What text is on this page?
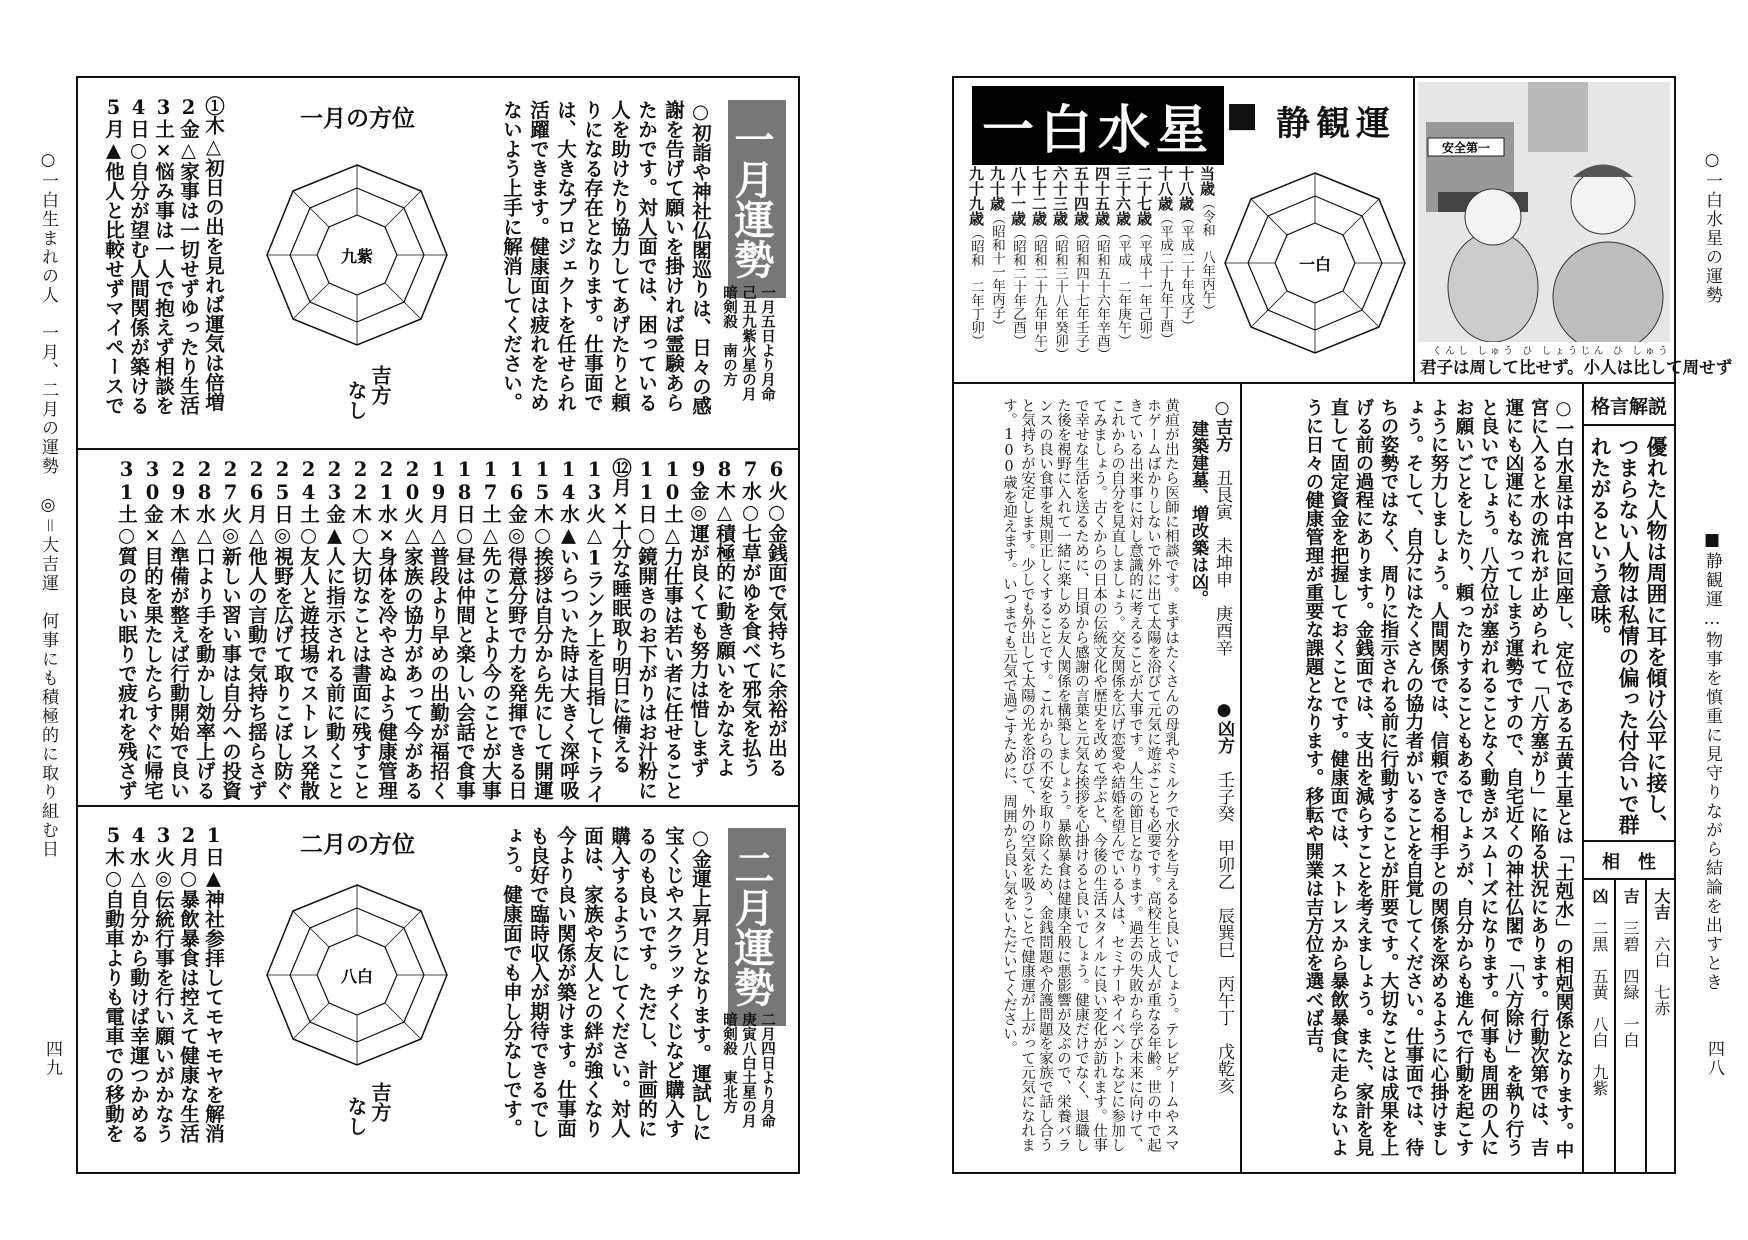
○一白生まれの人　一月、二月の運勢　◎＝大吉運　何事にも積極的に取り組む日
四九
一月運勢
一月五日より月命
己丑九紫火星の月
暗剣殺　南の方
○初詣や神社仏閣巡りは、日々の感謝を告げて願いを掛ければ霊験あらたかです。対人面では、困っている人を助けたり協力してあげたりと頼りになる存在となります。仕事面では、大きなプロジェクトを任せられ活躍できます。健康面は疲れをためないよう上手に解消してください。
一月の方位
九紫
吉方
なし
①木△初日の出を見れば運気は倍増
2金△家事は一切せずゆったり生活
3土×悩み事は一人で抱えず相談を
4日○自分が望む人間関係が築ける
5月▲他人と比較せずマイペースで
6火○金銭面で気持ちに余裕が出る
7水○七草がゆを食べて邪気を払う
8木△積極的に動き願いをかなえよ
9金◎運が良くても努力は惜しまず
10土△力仕事は若い者に任せること
11日○鏡開きのお下がりはお汁粉に
⑫月×十分な睡眠取り明日に備える
13火△1ランク上を目指してトライ
14水▲いらついた時は大きく深呼吸
15木○挨拶は自分から先にして開運
16金◎得意分野で力を発揮できる日
17土△先のことより今のことが大事
18日○昼は仲間と楽しい会話で食事
19月△普段より早めの出勤が福招く
20火△家族の協力があって今がある
21水×身体を冷やさぬよう健康管理
22木○大切なことは書面に残すこと
23金▲人に指示される前に動くこと
24土○友人と遊技場でストレス発散
25日◎視野を広げて取りこぼし防ぐ
26月△他人の言動で気持ち揺らさず
27火◎新しい習い事は自分への投資
28水△口より手を動かし効率上げる
29木△準備が整えば行動開始で良い
30金×目的を果たしたらすぐに帰宅
31土○質の良い眠りで疲れを残さず
二月運勢
二月四日より月命
庚寅八白土星の月
暗剣殺　東北方
○金運上昇月となります。運試しに宝くじやスクラッチくじなど購入するのも良いです。ただし、計画的に購入するようにしてください。対人面は、家族や友人との絆が強くなり今より良い関係が築けます。仕事面も良好で臨時収入が期待できるでしょう。健康面でも申し分なしです。
二月の方位
八白
吉方
なし
1日▲神社参拝してモヤモヤを解消
2月○暴飲暴食は控えて健康な生活
3火◎伝統行事を行い願いがかなう
4水△自分から動けば幸運つかめる
5木○自動車よりも電車での移動を
一白水星 ■ 静観運
当歳（令和　八年丙午）
十八歳（平成二十年戊子）
十八歳（平成二十九年丁酉）
二十七歳（平成十一年己卯）
三十六歳（平成　二年庚午）
四十五歳（昭和五十六年辛酉）
五十四歳（昭和四十七年壬子）
六十三歳（昭和三十八年癸卯）
七十二歳（昭和二十九年甲午）
八十一歳（昭和二十年乙酉）
九十歳（昭和十一年丙子）
九十九歳（昭和　二年丁卯）	一白
安全第一
くんし しゅう ひ しょうじん ひ しゅう
君子は周して比せず。小人は比して周せず
格言解説
優れた人物は周囲に耳を傾け公平に接し、つまらない人物は私情の偏った付合いで群れたがるという意味。
相　性
大吉　六白　七赤
吉　三碧　四緑　一白
凶　二黒　五黄　八白　九紫
○一白水星は中宮に回座し、定位である五黄土星とは「土剋水」の相剋関係となります。中宮に入ると水の流れが止められて「八方塞がり」に陥る状況にあります。行動次第では、吉運にも凶運にもなってしまう運勢ですので、自宅近くの神社仏閣で「八方除け」を執り行うと良いでしょう。八方位が塞がれることなく動きがスムーズになります。何事も周囲の人にお願いごとをしたり、頼ったりすることもあるでしょうが、自分からも進んで行動を起こすように努力しましょう。人間関係では、信頼できる相手との関係を深めるように心掛けましょう。そして、自分にはたくさんの協力者がいることを自覚してください。仕事面では、待ちの姿勢ではなく、周りに指示される前に行動することが肝要です。大切なことは成果を上げる前の過程にあります。金銭面では、支出を減らすことを考えましょう。また、家計を見直して固定資金を把握しておくことです。健康面では、ストレスから暴飲暴食に走らないように日々の健康管理が重要な課題となります。移転や開業は吉方位を選べば吉。
○吉方　丑艮寅　未坤申　庚酉辛
建築建墓、増改築は凶。
●凶方　壬子癸　甲卯乙　辰巽巳　丙午丁　戊乾亥
黄疸が出たら医師に相談です。まずはたくさんの母乳やミルクで水分を与えると良いでしょう。テレビゲームやスマホゲームばかりしないで外に出て太陽を浴びて元気に遊ぶことも必要です。高校生と成人が重なる年齢。世の中で起きている出来事に対し意識的に考えることが大事です。人生の節目となります。過去の失敗から学び未来に向けて、これからの自分を見直しましょう。交友関係を広げ恋愛や結婚を望んでいる人は、セミナーやイベントなどに参加してみましょう。古くからの日本の伝統文化や歴史を改めて学ぶと、今後の生活スタイルに良い変化が訪れます。仕事で幸せな生活を送るために、日頃から感謝の言葉と元気な挨拶を心掛けると良いでしょう。健康だけでなく、退職した後を視野に入れて一緒に楽しめる友人関係を構築しましょう。暴飲暴食は健康全般に悪影響が及ぶので、栄養バランスの良い食事を規則正しくすることです。これからの不安を取り除くため、金銭問題や介護問題を家族で話し合うと気持ちが安定します。少しでも外出して太陽の光を浴びて、外の空気を吸うことで健康運が上がって元気になれます。100歳を迎えます。いつまでも元気で過ごすために、周囲から良い気をいただいてください。
○一白水星の運勢
■静観運…物事を慎重に見守りながら結論を出すとき
四八
